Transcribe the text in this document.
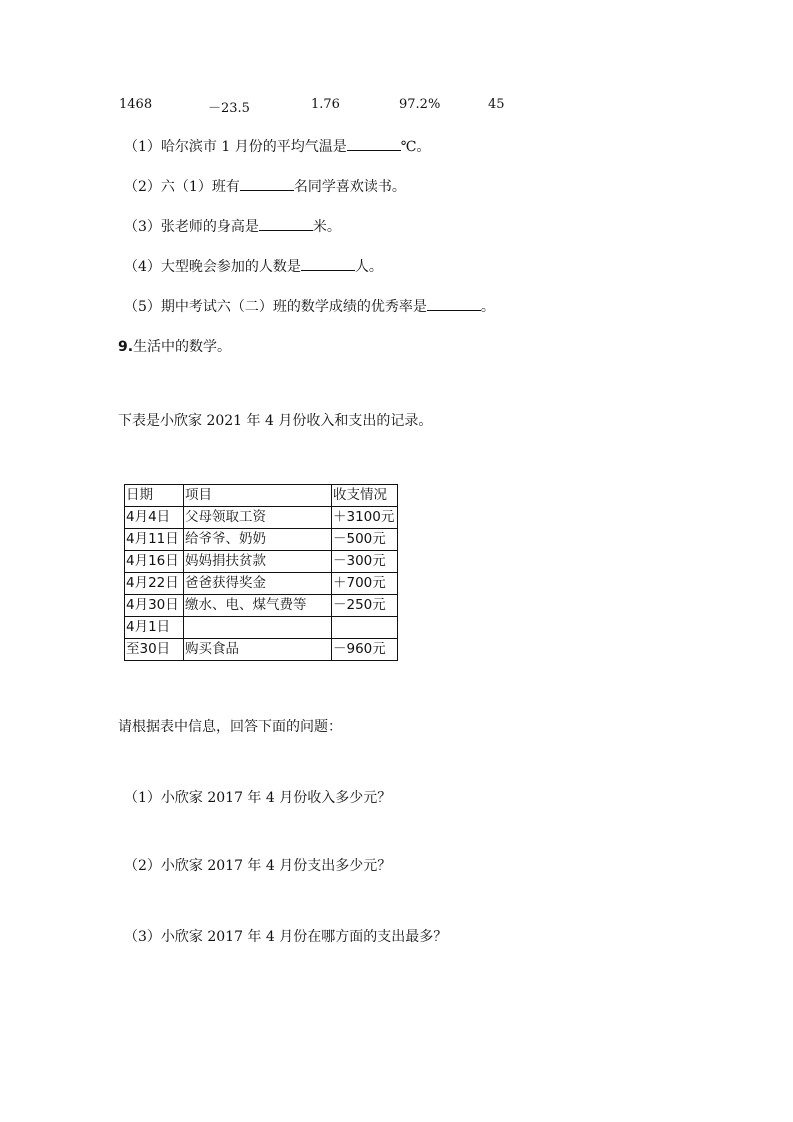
1468	－23.5	1.76	97.2%	45
（1）哈尔滨市 1 月份的平均气温是	℃。
（2）六（1）班有	名同学喜欢读书。
（3）张老师的身高是	米。
（4）大型晚会参加的人数是	人。
（5）期中考试六（二）班的数学成绩的优秀率是	。
9.生活中的数学。
下表是小欣家 2021 年 4 月份收入和支出的记录。
日期	项目	收支情况
4月4日	父母领取工资	＋3100元
4月11日	给爷爷、奶奶	－500元
4月16日	妈妈捐扶贫款	－300元
4月22日	爸爸获得奖金	＋700元
4月30日	缴水、电、煤气费等	－250元
4月1日		
至30日	购买食品	－960元
请根据表中信息，回答下面的问题：
（1）小欣家 2017 年 4 月份收入多少元？
（2）小欣家 2017 年 4 月份支出多少元？
（3）小欣家 2017 年 4 月份在哪方面的支出最多？
